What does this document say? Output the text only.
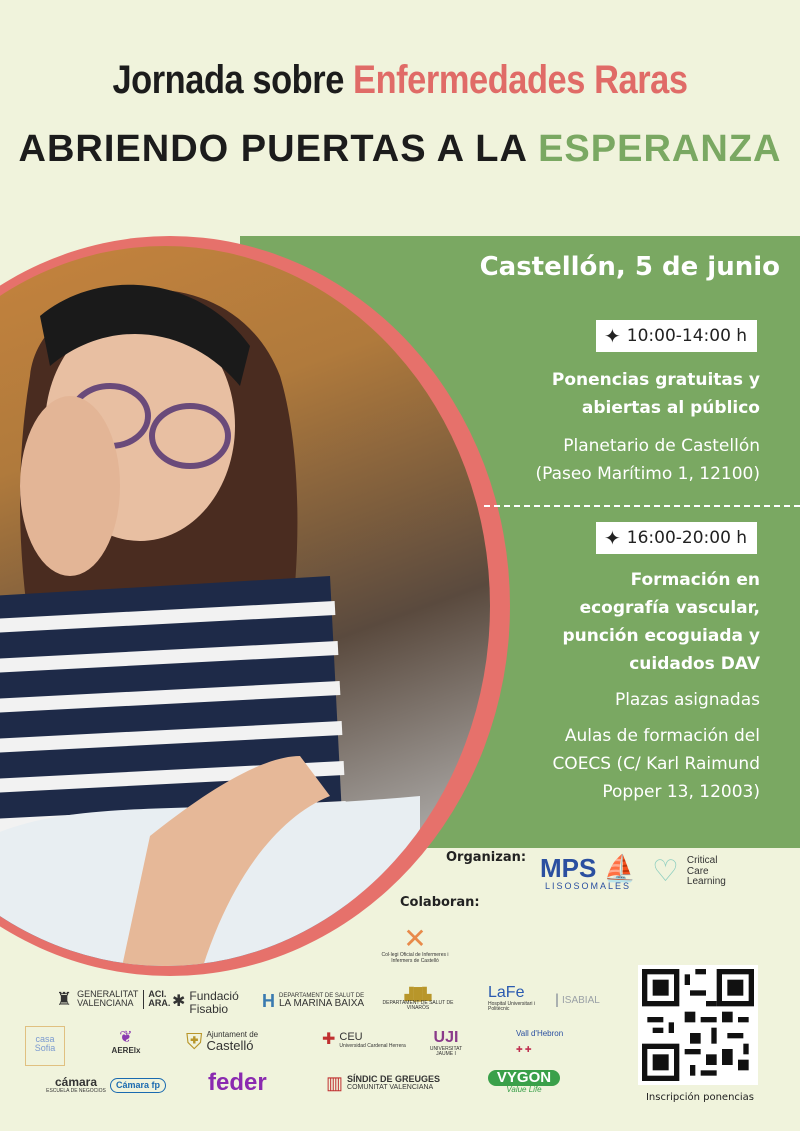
Jornada sobre Enfermedades Raras
ABRIENDO PUERTAS A LA ESPERANZA
Castellón, 5 de junio
✦ 10:00-14:00 h
Ponencias gratuitas y
abiertas al público
Planetario de Castellón
(Paseo Marítimo 1, 12100)
✦ 16:00-20:00 h
Formación en
ecografía vascular,
punción ecoguiada y
cuidados DAV
Plazas asignadas
Aulas de formación del
COECS (C/ Karl Raimund
Popper 13, 12003)
Organizan: MPS ⛵
LISOSOMALES ♡ Critical
Care
Learning
Colaboran:
✕
Col·legi Oficial de Infermeres i Infermers de Castelló
♜ GENERALITAT
VALENCIANA
ACI. ARA. ✱ Fundació
Fisabio	H DEPARTAMENT DE SALUT DE
LA MARINA BAIXA
▟█▙
DEPARTAMENT DE SALUT DE VINARÒS
LaFe
Hospital Universitari i Politècnic	Ɩ ISABIAL
casa Sofia
❦
AERElx ⛨ Ajuntament de
Castelló	✚ CEU
Universidad Cardenal Herrera	UJI
UNIVERSITAT JAUME I
Vall d'Hebron
✚ ✚
cámara
ESCUELA DE NEGOCIOS
Cámara fp feder	▥ SÍNDIC DE GREUGES
COMUNITAT VALENCIANA
VYGON
Value Life
Inscripción ponencias
